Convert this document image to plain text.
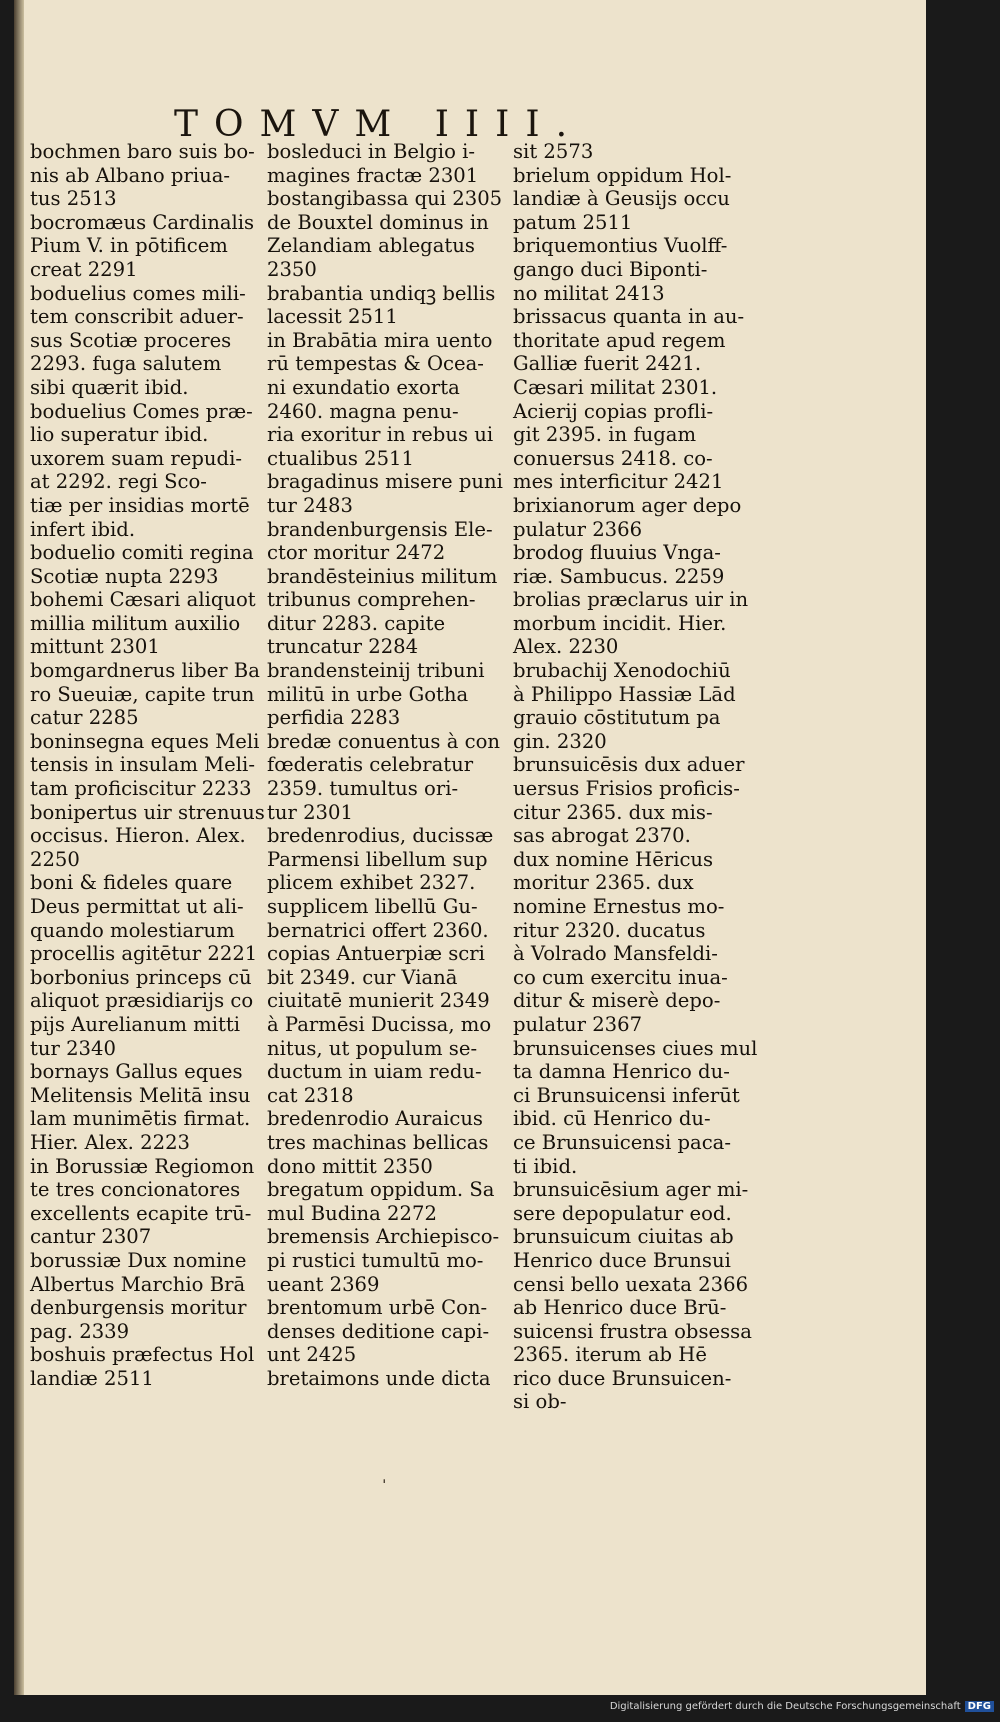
TOMVM IIII.
bochmen baro suis bo-
nis ab Albano priua-
tus 2513
bocromæus Cardinalis
Pium V. in pōtificem
creat 2291
boduelius comes mili-
tem conscribit aduer-
sus Scotiæ proceres
2293. fuga salutem
sibi quærit ibid.
boduelius Comes præ-
lio superatur ibid.
uxorem suam repudi-
at 2292. regi Sco-
tiæ per insidias mortē
infert ibid.
boduelio comiti regina
Scotiæ nupta 2293
bohemi Cæsari aliquot
millia militum auxilio
mittunt 2301
bomgardnerus liber Ba
ro Sueuiæ, capite trun
catur 2285
boninsegna eques Meli
tensis in insulam Meli-
tam proficiscitur 2233
bonipertus uir strenuus
occisus. Hieron. Alex.
2250
boni & fideles quare
Deus permittat ut ali-
quando molestiarum
procellis agitētur 2221
borbonius princeps cū
aliquot præsidiarijs co
pijs Aurelianum mitti
tur 2340
bornays Gallus eques
Melitensis Melitā insu
lam munimētis firmat.
Hier. Alex. 2223
in Borussiæ Regiomon
te tres concionatores
excellents ecapite trū-
cantur 2307
borussiæ Dux nomine
Albertus Marchio Brā
denburgensis moritur
pag. 2339
boshuis præfectus Hol
landiæ 2511
bosleduci in Belgio i-
magines fractæ 2301
bostangibassa qui 2305
de Bouxtel dominus in
Zelandiam ablegatus
2350
brabantia undiqꝫ bellis
lacessit 2511
in Brabātia mira uento
rū tempestas & Ocea-
ni exundatio exorta
2460. magna penu-
ria exoritur in rebus ui
ctualibus 2511
bragadinus misere puni
tur 2483
brandenburgensis Ele-
ctor moritur 2472
brandēsteinius militum
tribunus comprehen-
ditur 2283. capite
truncatur 2284
brandensteinij tribuni
militū in urbe Gotha
perfidia 2283
bredæ conuentus à con
fœderatis celebratur
2359. tumultus ori-
tur 2301
bredenrodius, ducissæ
Parmensi libellum sup
plicem exhibet 2327.
supplicem libellū Gu-
bernatrici offert 2360.
copias Antuerpiæ scri
bit 2349. cur Vianā
ciuitatē munierit 2349
à Parmēsi Ducissa, mo
nitus, ut populum se-
ductum in uiam redu-
cat 2318
bredenrodio Auraicus
tres machinas bellicas
dono mittit 2350
bregatum oppidum. Sa
mul Budina 2272
bremensis Archiepisco-
pi rustici tumultū mo-
ueant 2369
brentomum urbē Con-
denses deditione capi-
unt 2425
bretaimons unde dicta
sit 2573
brielum oppidum Hol-
landiæ à Geusijs occu
patum 2511
briquemontius Vuolff-
gango duci Biponti-
no militat 2413
brissacus quanta in au-
thoritate apud regem
Galliæ fuerit 2421.
Cæsari militat 2301.
Acierij copias profli-
git 2395. in fugam
conuersus 2418. co-
mes interficitur 2421
brixianorum ager depo
pulatur 2366
brodog fluuius Vnga-
riæ. Sambucus. 2259
brolias præclarus uir in
morbum incidit. Hier.
Alex. 2230
brubachij Xenodochiū
à Philippo Hassiæ Lād
grauio cōstitutum pa
gin. 2320
brunsuicēsis dux aduer
uersus Frisios proficis-
citur 2365. dux mis-
sas abrogat 2370.
dux nomine Hēricus
moritur 2365. dux
nomine Ernestus mo-
ritur 2320. ducatus
à Volrado Mansfeldi-
co cum exercitu inua-
ditur & miserè depo-
pulatur 2367
brunsuicenses ciues mul
ta damna Henrico du-
ci Brunsuicensi inferūt
ibid. cū Henrico du-
ce Brunsuicensi paca-
ti ibid.
brunsuicēsium ager mi-
sere depopulatur eod.
brunsuicum ciuitas ab
Henrico duce Brunsui
censi bello uexata 2366
ab Henrico duce Brū-
suicensi frustra obsessa
2365. iterum ab Hē
rico duce Brunsuicen-
si ob-
ˌ
Digitalisierung gefördert durch die Deutsche Forschungsgemeinschaft DFG
